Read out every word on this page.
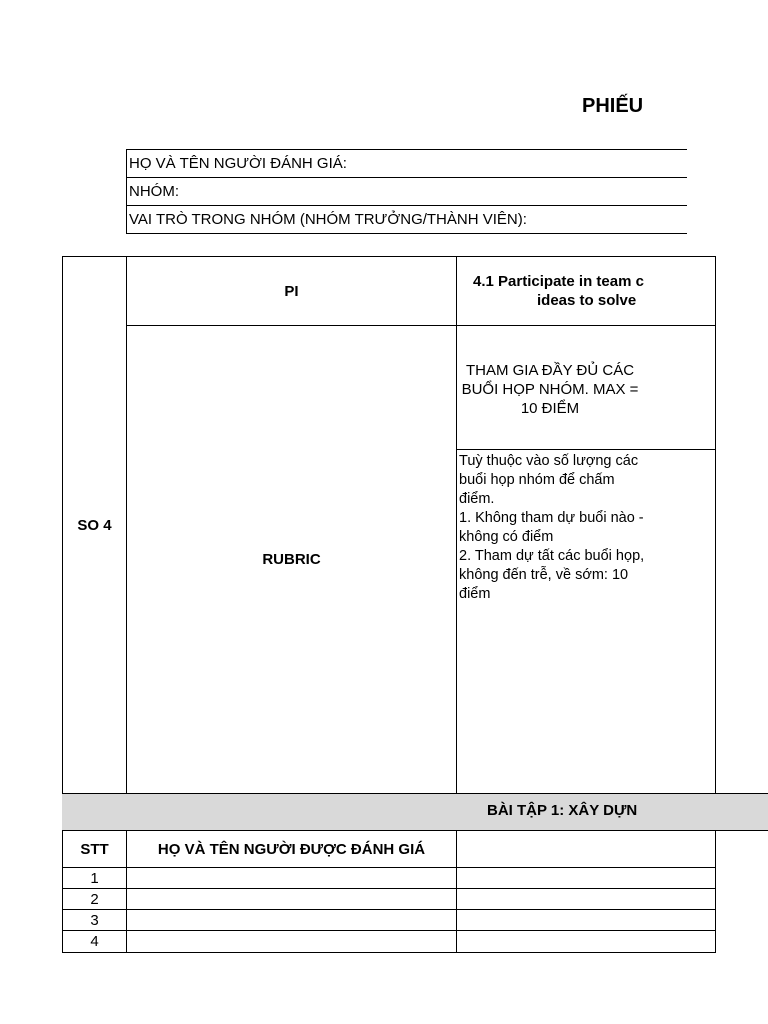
PHIẾU
HỌ VÀ TÊN NGƯỜI ĐÁNH GIÁ:
NHÓM:
VAI TRÒ TRONG NHÓM (NHÓM TRƯỞNG/THÀNH VIÊN):
SO 4
PI
4.1 Participate in team c
ideas to solve
RUBRIC
THAM GIA ĐẦY ĐỦ CÁC BUỔI HỌP NHÓM. MAX = 10 ĐIỂM
Tuỳ thuộc vào số lượng các buổi họp nhóm để chấm điểm.
1. Không tham dự buổi nào - không có điểm
2. Tham dự tất các buổi họp, không đến trễ, về sớm: 10  điểm
BÀI TẬP 1: XÂY DỰN
STT	HỌ VÀ TÊN NGƯỜI ĐƯỢC ĐÁNH GIÁ
1
2
3
4
